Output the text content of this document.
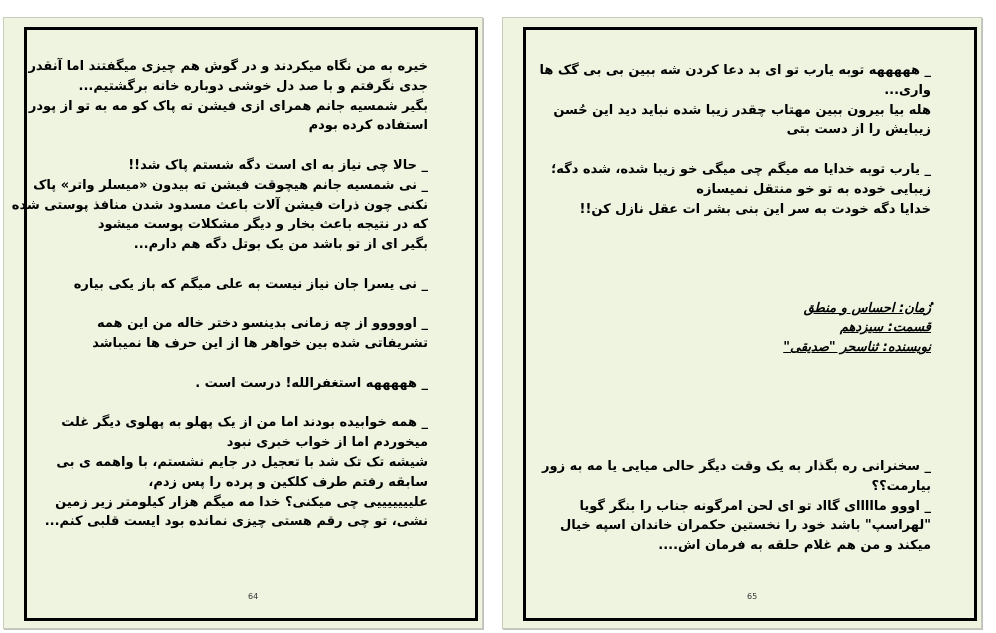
خیره به من نگاه میکردند و در گوش هم چیزی میگفتند اما آنقدر
جدی نگرفتم و با صد دل خوشی دوباره خانه برگشتیم...
بگیر شمسیه جانم همرای ازی فیشن ته پاک کو مه به تو از پودر
استفاده کرده بودم
_ حالا چی نیاز به ای است دگه شستم پاک شد!!
_ نی شمسیه جانم هیچوقت فیشن ته بیدون «میسلر واتر» پاک
نکنی چون ذرات فیشن آلات باعث مسدود شدن منافذ پوستی شده
که در نتیجه باعث بخار و دیگر مشکلات پوست میشود
بگیر ای از تو باشد من یک بوتل دگه هم دارم...
_ نی یسرا جان نیاز نیست به علی میگم که باز یکی بیاره
_ اووووو از چه زمانی بدینسو دختر خاله من این همه
تشریفاتی شده بین خواهر ها از این حرف ها نمیباشد
_ هههههه استغفرالله! درست است .
_ همه خوابیده بودند اما من از یک پهلو به پهلوی دیگر غلت
میخوردم اما از خواب خبری نبود
شیشه تک تک شد با تعجیل در جایم نشستم، با واهمه ی بی
سابقه رفتم طرف کلکین و پرده را پس زدم،
علیییییییی چی میکنی؟ خدا مه میگم هزار کیلومتر زیر زمین
نشی، تو چی رقم هستی چیزی نمانده بود ایست قلبی کنم...
64
_ هههههه توبه یارب تو ای بد دعا کردن شه ببین بی بی گک ها
واری...
هله بیا بیرون ببین مهتاب چقدر زیبا شده نباید دید این حُسن
زیبایش را از دست بتی
_ یارب توبه خدایا مه میگم چی میگی خو زیبا شده، شده دگه؛
زیبایی خوده به تو خو منتقل نمیسازه
خدایا دگه خودت به سر این بنی بشر ات عقل نازل کن!!
زُمان: احساس و منطق
قسمت: سیزدهم
نویسنده: ثناسحر "صدیقی"
_ سخنرانی ره بگذار به یک وقت دیگر حالی میایی یا مه به زور
بیارمت؟؟
_ اووو مااااای گااد تو ای لحن امرگونه جناب را بنگر گویا
"لهراسپ" باشد خود را نخستین حکمران خاندان اسپه خیال
میکند و من هم غلام حلقه به فرمان اش....
65
